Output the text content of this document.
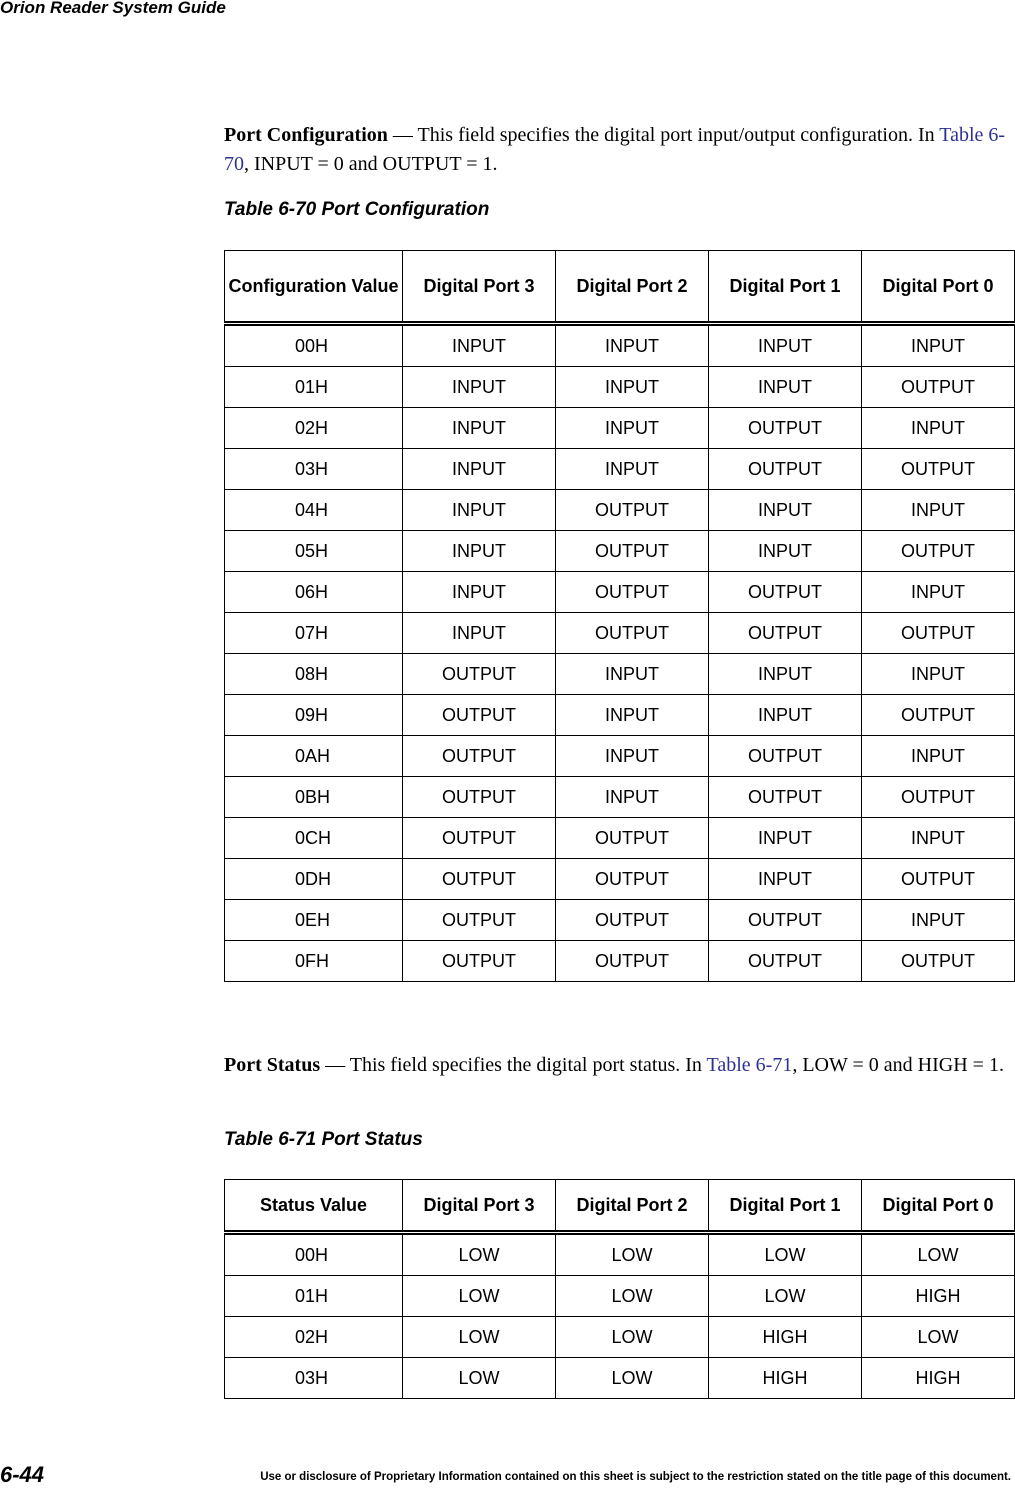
Orion Reader System Guide
Port Configuration — This field specifies the digital port input/output configuration. In Table 6-70, INPUT = 0 and OUTPUT = 1.
Table 6-70 Port Configuration
Configuration Value	Digital Port 3	Digital Port 2	Digital Port 1	Digital Port 0
00H	INPUT	INPUT	INPUT	INPUT
01H	INPUT	INPUT	INPUT	OUTPUT
02H	INPUT	INPUT	OUTPUT	INPUT
03H	INPUT	INPUT	OUTPUT	OUTPUT
04H	INPUT	OUTPUT	INPUT	INPUT
05H	INPUT	OUTPUT	INPUT	OUTPUT
06H	INPUT	OUTPUT	OUTPUT	INPUT
07H	INPUT	OUTPUT	OUTPUT	OUTPUT
08H	OUTPUT	INPUT	INPUT	INPUT
09H	OUTPUT	INPUT	INPUT	OUTPUT
0AH	OUTPUT	INPUT	OUTPUT	INPUT
0BH	OUTPUT	INPUT	OUTPUT	OUTPUT
0CH	OUTPUT	OUTPUT	INPUT	INPUT
0DH	OUTPUT	OUTPUT	INPUT	OUTPUT
0EH	OUTPUT	OUTPUT	OUTPUT	INPUT
0FH	OUTPUT	OUTPUT	OUTPUT	OUTPUT
Port Status — This field specifies the digital port status. In Table 6-71, LOW = 0 and HIGH = 1.
Table 6-71 Port Status
Status Value	Digital Port 3	Digital Port 2	Digital Port 1	Digital Port 0
00H	LOW	LOW	LOW	LOW
01H	LOW	LOW	LOW	HIGH
02H	LOW	LOW	HIGH	LOW
03H	LOW	LOW	HIGH	HIGH
6-44	Use or disclosure of Proprietary Information contained on this sheet is subject to the restriction stated on the title page of this document.
